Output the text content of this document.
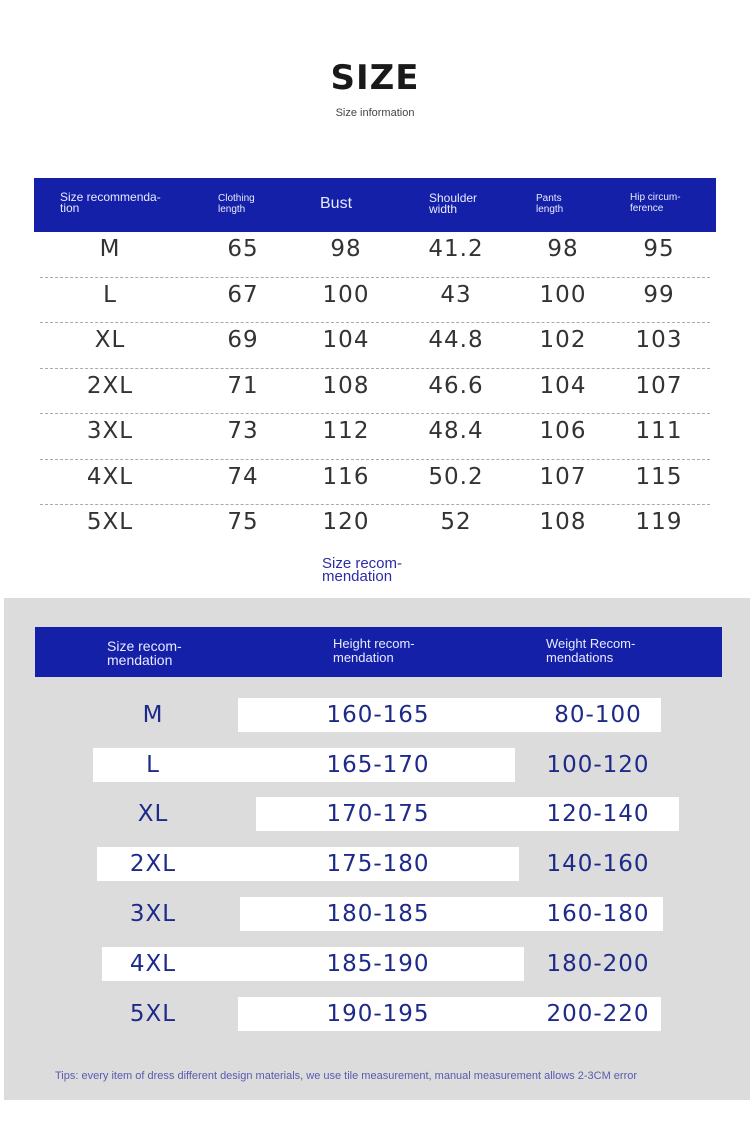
SIZE
Size information
Size recommenda-
tion
Clothing
length	Bust	Shoulder
width
Pants
length
Hip circum-
ference
M	65	98	41.2	98	95
L	67	100	43	100 99
XL	69	104	44.8 102 103
2XL	71	108	46.6 104 107
3XL	73	112	48.4 106 111
4XL	74	116	50.2 107 115
5XL	75	120	52	108 119
Size recom-
mendation
Size recom-
mendation
Height recom-
mendation
Weight Recom-
mendations
M	160-165	80-100
L	165-170	100-120
XL	170-175	120-140
2XL	175-180	140-160
3XL	180-185	160-180
4XL	185-190	180-200
5XL	190-195	200-220
Tips: every item of dress different design materials, we use tile measurement, manual measurement allows 2-3CM error
